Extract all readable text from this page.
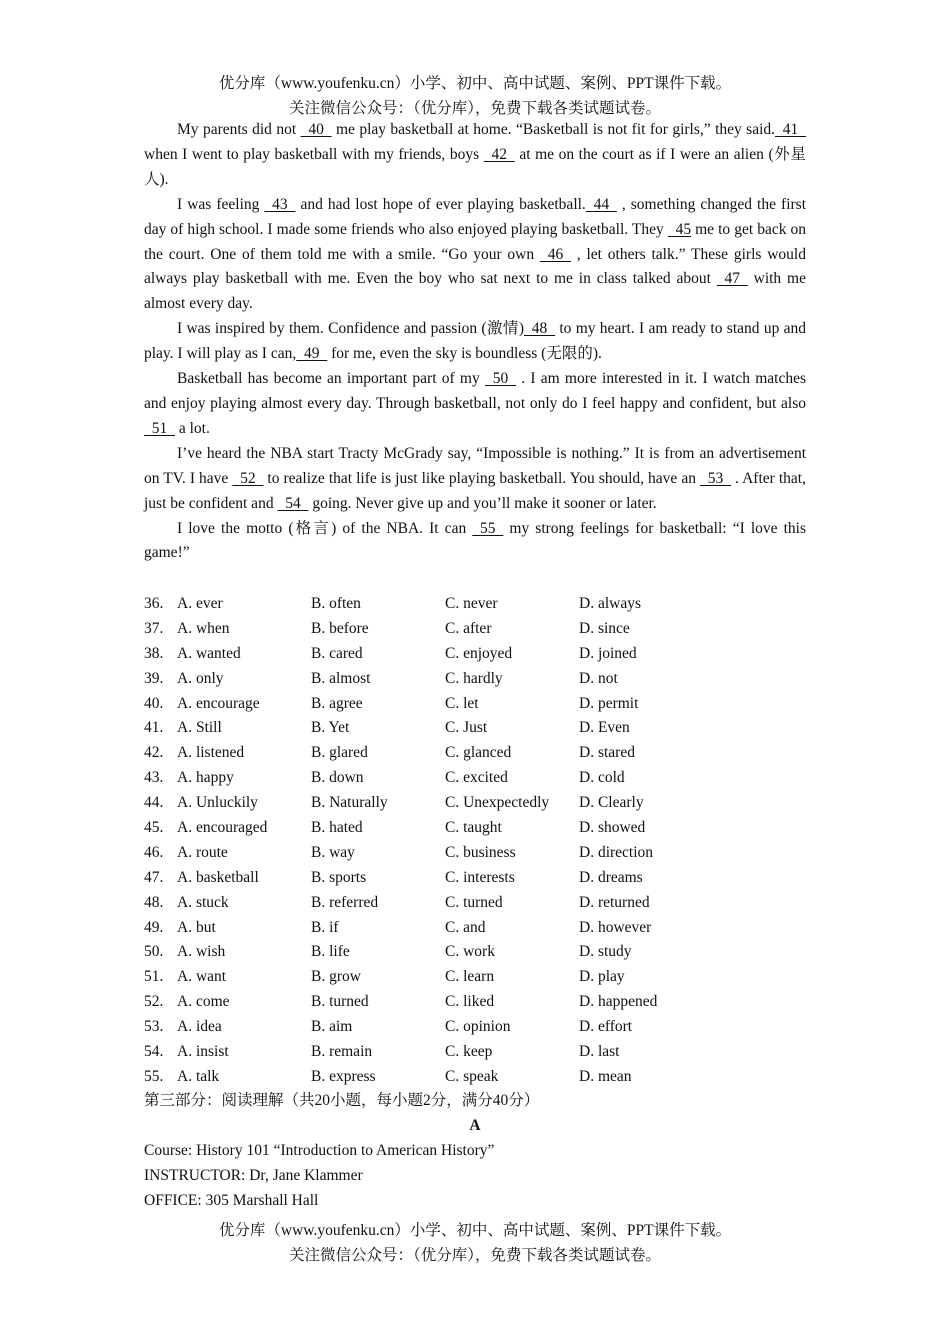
优分库（www.youfenku.cn）小学、初中、高中试题、案例、PPT课件下载。
关注微信公众号：（优分库），免费下载各类试题试卷。

My parents did not   40   me play basketball at home. “Basketball is not fit for girls,” they said.  41   when I went to play basketball with my friends, boys   42   at me on the court as if I were an alien (外星人).

I was feeling   43   and had lost hope of ever playing basketball.  44   , something changed the first day of high school. I made some friends who also enjoyed playing basketball. They   45 me to get back on the court. One of them told me with a smile. “Go your own   46   , let others talk.” These girls would always play basketball with me. Even the boy who sat next to me in class talked about   47   with me almost every day.

I was inspired by them. Confidence and passion (激情)  48   to my heart. I am ready to stand up and play. I will play as I can,  49   for me, even the sky is boundless (无限的).

Basketball has become an important part of my   50   . I am more interested in it. I watch matches and enjoy playing almost every day. Through basketball, not only do I feel happy and confident, but also   51   a lot.

I’ve heard the NBA start Tracty McGrady say, “Impossible is nothing.” It is from an advertisement on TV. I have   52   to realize that life is just like playing basketball. You should, have an   53   . After that, just be confident and   54   going. Never give up and you’ll make it sooner or later.

I love the motto (格言) of the NBA. It can   55   my strong feelings for basketball: “I love this game!”

36. A. ever	B. often	C. never	D. always
37. A. when	B. before	C. after	D. since
38. A. wanted	B. cared	C. enjoyed	D. joined
39. A. only	B. almost	C. hardly	D. not
40. A. encourage	B. agree	C. let	D. permit
41. A. Still	B. Yet	C. Just	D. Even
42. A. listened	B. glared	C. glanced	D. stared
43. A. happy	B. down	C. excited	D. cold
44. A. Unluckily	B. Naturally	C. Unexpectedly D. Clearly
45. A. encouraged	B. hated	C. taught	D. showed
46. A. route	B. way	C. business	D. direction
47. A. basketball	B. sports	C. interests	D. dreams
48. A. stuck	B. referred	C. turned	D. returned
49. A. but	B. if	C. and	D. however
50. A. wish	B. life	C. work	D. study
51. A. want	B. grow	C. learn	D. play
52. A. come	B. turned	C. liked	D. happened
53. A. idea	B. aim	C. opinion	D. effort
54. A. insist	B. remain	C. keep	D. last
55. A. talk	B. express	C. speak	D. mean
第三部分：阅读理解（共20小题，每小题2分，满分40分）
A
Course: History 101 “Introduction to American History”
INSTRUCTOR: Dr, Jane Klammer
OFFICE: 305 Marshall Hall
优分库（www.youfenku.cn）小学、初中、高中试题、案例、PPT课件下载。
关注微信公众号：（优分库），免费下载各类试题试卷。
